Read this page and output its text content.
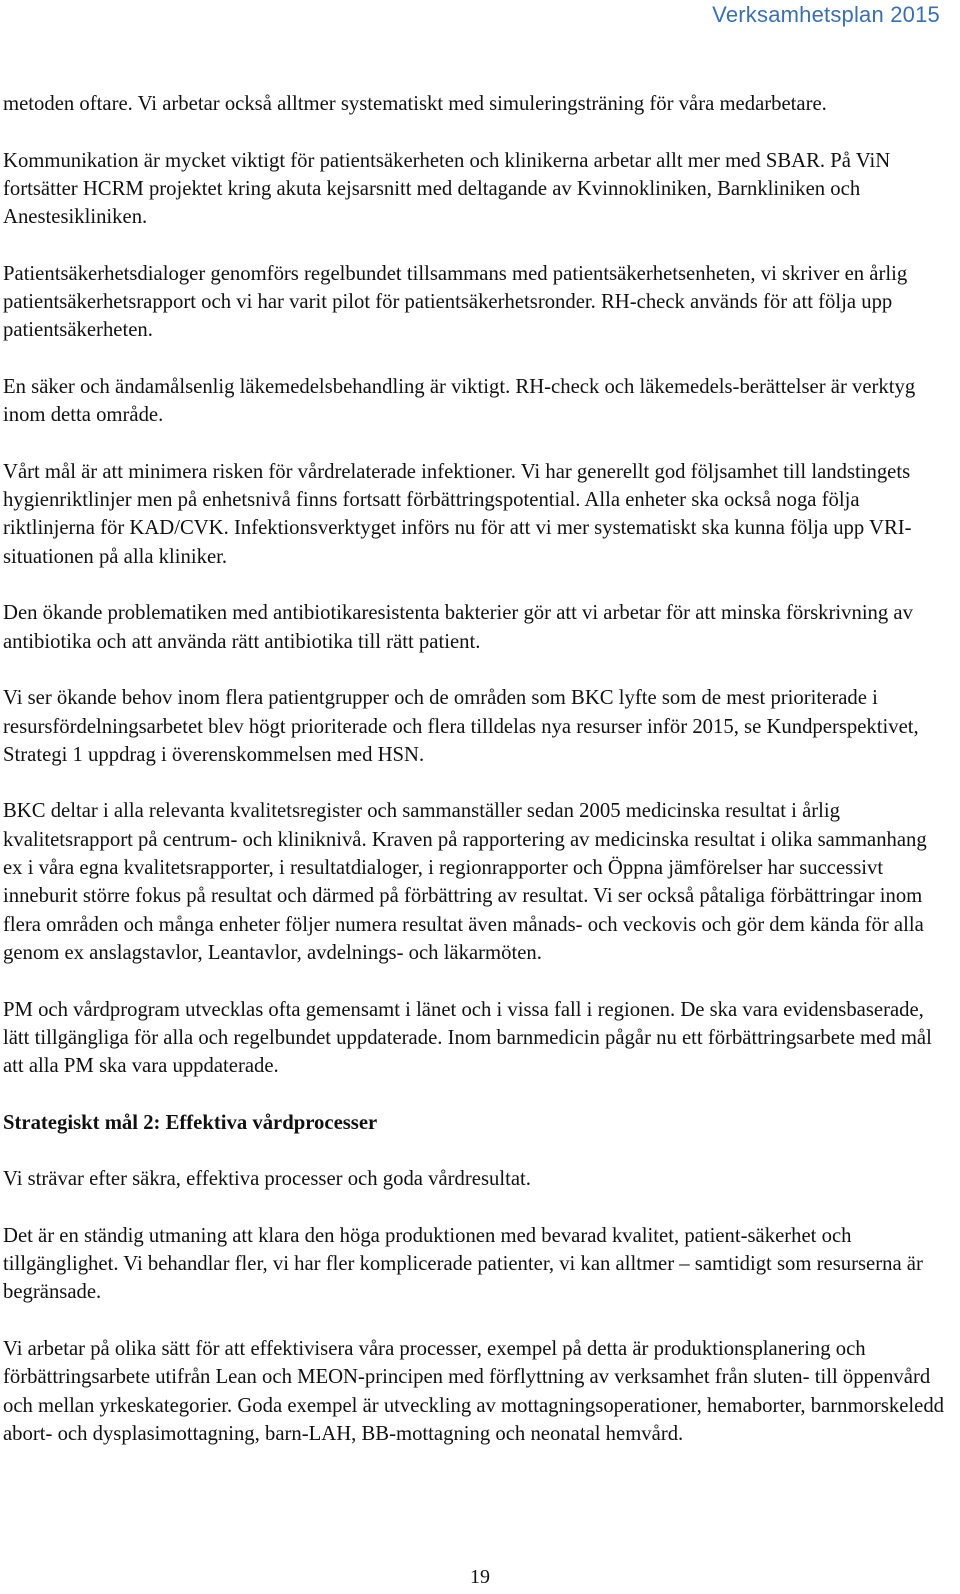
Verksamhetsplan 2015

metoden oftare. Vi arbetar också alltmer systematiskt med simuleringsträning för våra medarbetare.

Kommunikation är mycket viktigt för patientsäkerheten och klinikerna arbetar allt mer med SBAR. På ViN fortsätter HCRM projektet kring akuta kejsarsnitt med deltagande av Kvinnokliniken, Barnkliniken och Anestesikliniken.

Patientsäkerhetsdialoger genomförs regelbundet tillsammans med patientsäkerhetsenheten, vi skriver en årlig patientsäkerhetsrapport och vi har varit pilot för patientsäkerhetsronder. RH-check används för att följa upp patientsäkerheten.

En säker och ändamålsenlig läkemedelsbehandling är viktigt. RH-check och läkemedels-berättelser är verktyg inom detta område.

Vårt mål är att minimera risken för vårdrelaterade infektioner. Vi har generellt god följsamhet till landstingets hygienriktlinjer men på enhetsnivå finns fortsatt förbättringspotential. Alla enheter ska också noga följa riktlinjerna för KAD/CVK. Infektionsverktyget införs nu för att vi mer systematiskt ska kunna följa upp VRI-situationen på alla kliniker.

Den ökande problematiken med antibiotikaresistenta bakterier gör att vi arbetar för att minska förskrivning av antibiotika och att använda rätt antibiotika till rätt patient.

Vi ser ökande behov inom flera patientgrupper och de områden som BKC lyfte som de mest prioriterade i resursfördelningsarbetet blev högt prioriterade och flera tilldelas nya resurser inför 2015, se Kundperspektivet, Strategi 1 uppdrag i överenskommelsen med HSN.

BKC deltar i alla relevanta kvalitetsregister och sammanställer sedan 2005 medicinska resultat i årlig kvalitetsrapport på centrum- och kliniknivå. Kraven på rapportering av medicinska resultat i olika sammanhang ex i våra egna kvalitetsrapporter, i resultatdialoger, i regionrapporter och Öppna jämförelser har successivt inneburit större fokus på resultat och därmed på förbättring av resultat. Vi ser också påtaliga förbättringar inom flera områden och många enheter följer numera resultat även månads- och veckovis och gör dem kända för alla genom ex anslagstavlor, Leantavlor, avdelnings- och läkarmöten.

PM och vårdprogram utvecklas ofta gemensamt i länet och i vissa fall i regionen. De ska vara evidensbaserade, lätt tillgängliga för alla och regelbundet uppdaterade. Inom barnmedicin pågår nu ett förbättringsarbete med mål att alla PM ska vara uppdaterade.

Strategiskt mål 2: Effektiva vårdprocesser

Vi strävar efter säkra, effektiva processer och goda vårdresultat.

Det är en ständig utmaning att klara den höga produktionen med bevarad kvalitet, patient-säkerhet och tillgänglighet. Vi behandlar fler, vi har fler komplicerade patienter, vi kan alltmer – samtidigt som resurserna är begränsade.

Vi arbetar på olika sätt för att effektivisera våra processer, exempel på detta är produktionsplanering och förbättringsarbete utifrån Lean och MEON-principen med förflyttning av verksamhet från sluten- till öppenvård och mellan yrkeskategorier. Goda exempel är utveckling av mottagningsoperationer, hemaborter, barnmorskeledd abort- och dysplasimottagning, barn-LAH, BB-mottagning och neonatal hemvård.

19
